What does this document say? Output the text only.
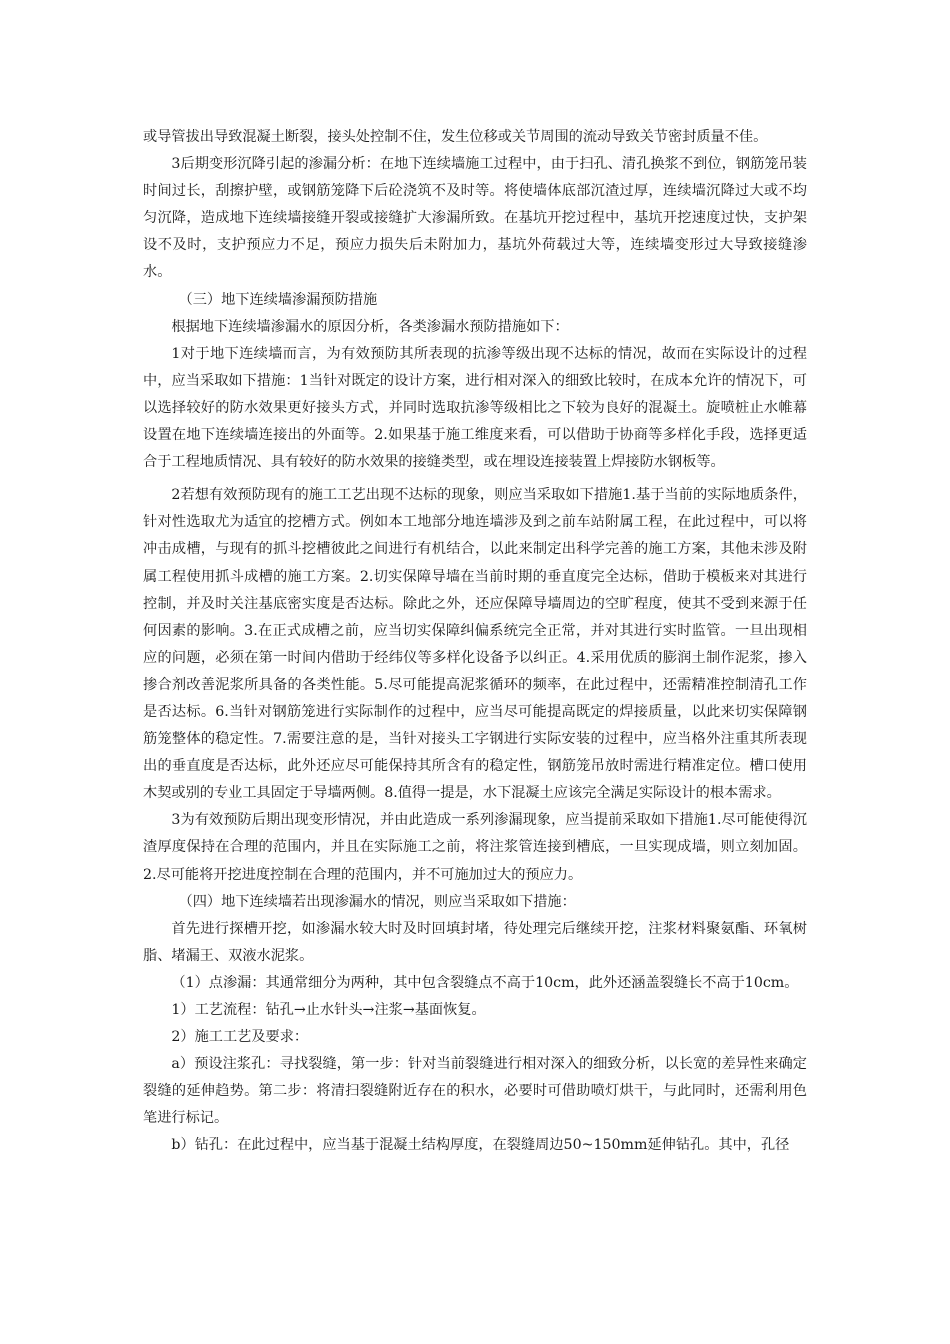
或导管拔出导致混凝土断裂，接头处控制不住，发生位移或关节周围的流动导致关节密封质量不佳。

3后期变形沉降引起的渗漏分析：在地下连续墙施工过程中，由于扫孔、清孔换浆不到位，钢筋笼吊装时间过长，刮擦护壁，或钢筋笼降下后砼浇筑不及时等。将使墙体底部沉渣过厚，连续墙沉降过大或不均匀沉降，造成地下连续墙接缝开裂或接缝扩大渗漏所致。在基坑开挖过程中，基坑开挖速度过快，支护架设不及时，支护预应力不足，预应力损失后未附加力，基坑外荷载过大等，连续墙变形过大导致接缝渗水。

（三）地下连续墙渗漏预防措施

根据地下连续墙渗漏水的原因分析，各类渗漏水预防措施如下：

1对于地下连续墙而言，为有效预防其所表现的抗渗等级出现不达标的情况，故而在实际设计的过程中，应当采取如下措施：1当针对既定的设计方案，进行相对深入的细致比较时，在成本允许的情况下，可以选择较好的防水效果更好接头方式，并同时选取抗渗等级相比之下较为良好的混凝土。旋喷桩止水帷幕设置在地下连续墙连接出的外面等。2.如果基于施工维度来看，可以借助于协商等多样化手段，选择更适合于工程地质情况、具有较好的防水效果的接缝类型，或在埋设连接装置上焊接防水钢板等。

2若想有效预防现有的施工工艺出现不达标的现象，则应当采取如下措施1.基于当前的实际地质条件，针对性选取尤为适宜的挖槽方式。例如本工地部分地连墙涉及到之前车站附属工程，在此过程中，可以将冲击成槽，与现有的抓斗挖槽彼此之间进行有机结合，以此来制定出科学完善的施工方案，其他未涉及附属工程使用抓斗成槽的施工方案。2.切实保障导墙在当前时期的垂直度完全达标，借助于模板来对其进行控制，并及时关注基底密实度是否达标。除此之外，还应保障导墙周边的空旷程度，使其不受到来源于任何因素的影响。3.在正式成槽之前，应当切实保障纠偏系统完全正常，并对其进行实时监管。一旦出现相应的问题，必须在第一时间内借助于经纬仪等多样化设备予以纠正。4.采用优质的膨润土制作泥浆，掺入掺合剂改善泥浆所具备的各类性能。5.尽可能提高泥浆循环的频率，在此过程中，还需精准控制清孔工作是否达标。6.当针对钢筋笼进行实际制作的过程中，应当尽可能提高既定的焊接质量，以此来切实保障钢筋笼整体的稳定性。7.需要注意的是，当针对接头工字钢进行实际安装的过程中，应当格外注重其所表现出的垂直度是否达标，此外还应尽可能保持其所含有的稳定性，钢筋笼吊放时需进行精准定位。槽口使用木契或别的专业工具固定于导墙两侧。8.值得一提是，水下混凝土应该完全满足实际设计的根本需求。

3为有效预防后期出现变形情况，并由此造成一系列渗漏现象，应当提前采取如下措施1.尽可能使得沉渣厚度保持在合理的范围内，并且在实际施工之前，将注浆管连接到槽底，一旦实现成墙，则立刻加固。2.尽可能将开挖进度控制在合理的范围内，并不可施加过大的预应力。

（四）地下连续墙若出现渗漏水的情况，则应当采取如下措施：

首先进行探槽开挖，如渗漏水较大时及时回填封堵，待处理完后继续开挖，注浆材料聚氨酯、环氧树脂、堵漏王、双液水泥浆。

（1）点渗漏：其通常细分为两种，其中包含裂缝点不高于10cm，此外还涵盖裂缝长不高于10cm。

1）工艺流程：钻孔→止水针头→注浆→基面恢复。

2）施工工艺及要求：

a）预设注浆孔：寻找裂缝，第一步：针对当前裂缝进行相对深入的细致分析，以长宽的差异性来确定裂缝的延伸趋势。第二步：将清扫裂缝附近存在的积水，必要时可借助喷灯烘干，与此同时，还需利用色笔进行标记。

b）钻孔：在此过程中，应当基于混凝土结构厚度，在裂缝周边50~150mm延伸钻孔。其中，孔径
